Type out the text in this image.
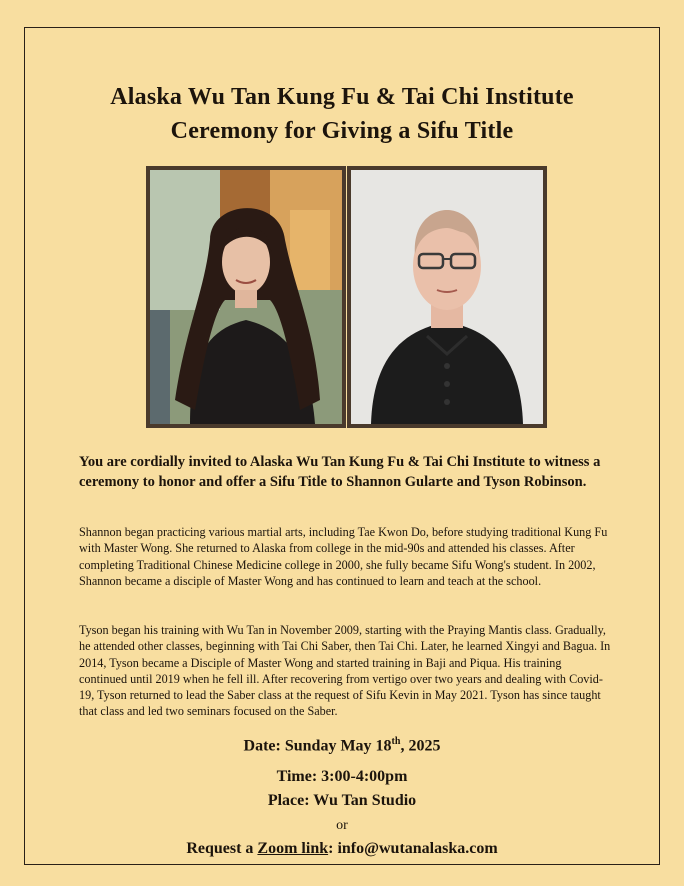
Alaska Wu Tan Kung Fu & Tai Chi Institute
Ceremony for Giving a Sifu Title
You are cordially invited to Alaska Wu Tan Kung Fu & Tai Chi Institute to witness a ceremony to honor and offer a Sifu Title to Shannon Gularte and Tyson Robinson.
Shannon began practicing various martial arts, including Tae Kwon Do, before studying traditional Kung Fu with Master Wong. She returned to Alaska from college in the mid-90s and attended his classes. After completing Traditional Chinese Medicine college in 2000, she fully became Sifu Wong's student. In 2002, Shannon became a disciple of Master Wong and has continued to learn and teach at the school.
Tyson began his training with Wu Tan in November 2009, starting with the Praying Mantis class. Gradually, he attended other classes, beginning with Tai Chi Saber, then Tai Chi. Later, he learned Xingyi and Bagua. In 2014, Tyson became a Disciple of Master Wong and started training in Baji and Piqua. His training continued until 2019 when he fell ill. After recovering from vertigo over two years and dealing with Covid-19, Tyson returned to lead the Saber class at the request of Sifu Kevin in May 2021. Tyson has since taught that class and led two seminars focused on the Saber.
Date: Sunday May 18th, 2025
Time: 3:00-4:00pm
Place: Wu Tan Studio
or
Request a Zoom link: info@wutanalaska.com
